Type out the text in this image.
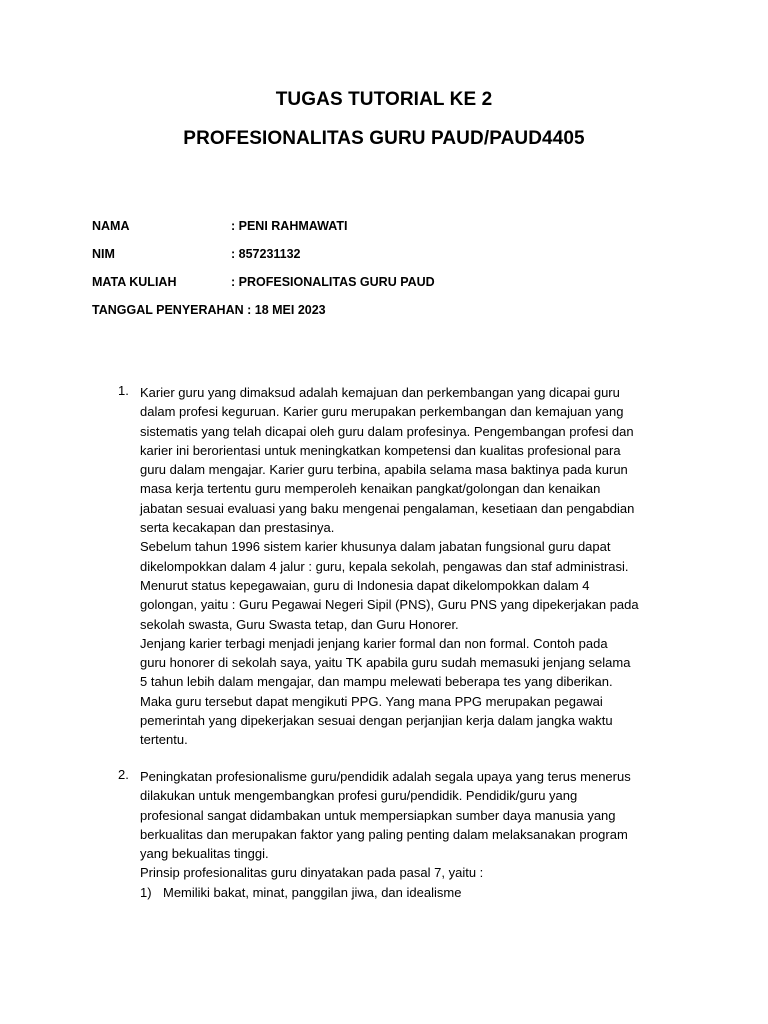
TUGAS TUTORIAL KE 2
PROFESIONALITAS GURU PAUD/PAUD4405
NAMA	: PENI RAHMAWATI
NIM	: 857231132
MATA KULIAH	: PROFESIONALITAS GURU PAUD
TANGGAL PENYERAHAN : 18 MEI 2023
1. Karier guru yang dimaksud adalah kemajuan dan perkembangan yang dicapai guru

dalam profesi keguruan. Karier guru merupakan perkembangan dan kemajuan yang

sistematis yang telah dicapai oleh guru dalam profesinya. Pengembangan profesi dan

karier ini berorientasi untuk meningkatkan kompetensi dan kualitas profesional para

guru dalam mengajar. Karier guru terbina, apabila selama masa baktinya pada kurun

masa kerja tertentu guru memperoleh kenaikan pangkat/golongan dan kenaikan

jabatan sesuai evaluasi yang baku mengenai pengalaman, kesetiaan dan pengabdian

serta kecakapan dan prestasinya.

Sebelum tahun 1996 sistem karier khusunya dalam jabatan fungsional guru dapat

dikelompokkan dalam 4 jalur : guru, kepala sekolah, pengawas dan staf administrasi.

Menurut status kepegawaian, guru di Indonesia dapat dikelompokkan dalam 4

golongan, yaitu : Guru Pegawai Negeri Sipil (PNS), Guru PNS yang dipekerjakan pada

sekolah swasta, Guru Swasta tetap, dan Guru Honorer.

Jenjang karier terbagi menjadi jenjang karier formal dan non formal. Contoh pada

guru honorer di sekolah saya, yaitu TK apabila guru sudah memasuki jenjang selama

5 tahun lebih dalam mengajar, dan mampu melewati beberapa tes yang diberikan.

Maka guru tersebut dapat mengikuti PPG. Yang mana PPG merupakan pegawai

pemerintah yang dipekerjakan sesuai dengan perjanjian kerja dalam jangka waktu

tertentu.

2. Peningkatan profesionalisme guru/pendidik adalah segala upaya yang terus menerus

dilakukan untuk mengembangkan profesi guru/pendidik. Pendidik/guru yang

profesional sangat didambakan untuk mempersiapkan sumber daya manusia yang

berkualitas dan merupakan faktor yang paling penting dalam melaksanakan program

yang bekualitas tinggi.

Prinsip profesionalitas guru dinyatakan pada pasal 7, yaitu :

1) Memiliki bakat, minat, panggilan jiwa, dan idealisme
